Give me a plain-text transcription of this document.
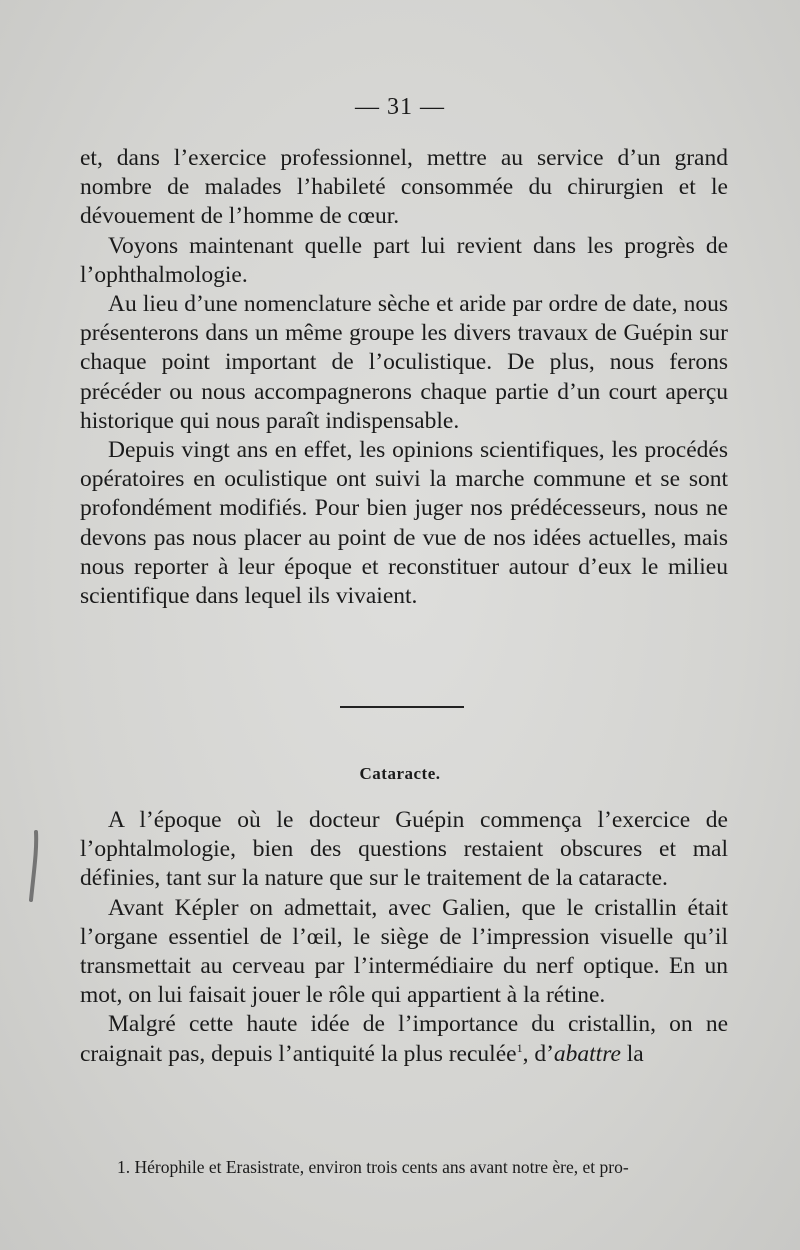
— 31 —

et, dans l’exercice professionnel, mettre au service d’un grand nombre de malades l’habileté consommée du chirurgien et le dévouement de l’homme de cœur.

Voyons maintenant quelle part lui revient dans les progrès de l’ophthalmologie.

Au lieu d’une nomenclature sèche et aride par ordre de date, nous présenterons dans un même groupe les divers travaux de Guépin sur chaque point important de l’oculistique. De plus, nous ferons précéder ou nous accompagnerons chaque partie d’un court aperçu historique qui nous paraît indispensable.

Depuis vingt ans en effet, les opinions scientifiques, les procédés opératoires en oculistique ont suivi la marche commune et se sont profondément modifiés. Pour bien juger nos prédécesseurs, nous ne devons pas nous placer au point de vue de nos idées actuelles, mais nous reporter à leur époque et reconstituer autour d’eux le milieu scientifique dans lequel ils vivaient.

Cataracte.

A l’époque où le docteur Guépin commença l’exercice de l’ophtalmologie, bien des questions restaient obscures et mal définies, tant sur la nature que sur le traitement de la cataracte.

Avant Képler on admettait, avec Galien, que le cristallin était l’organe essentiel de l’œil, le siège de l’impression visuelle qu’il transmettait au cerveau par l’intermédiaire du nerf optique. En un mot, on lui faisait jouer le rôle qui appartient à la rétine.

Malgré cette haute idée de l’importance du cristallin, on ne craignait pas, depuis l’antiquité la plus reculée$^1$, d’abattre la

1. Hérophile et Erasistrate, environ trois cents ans avant notre ère, et pro-
